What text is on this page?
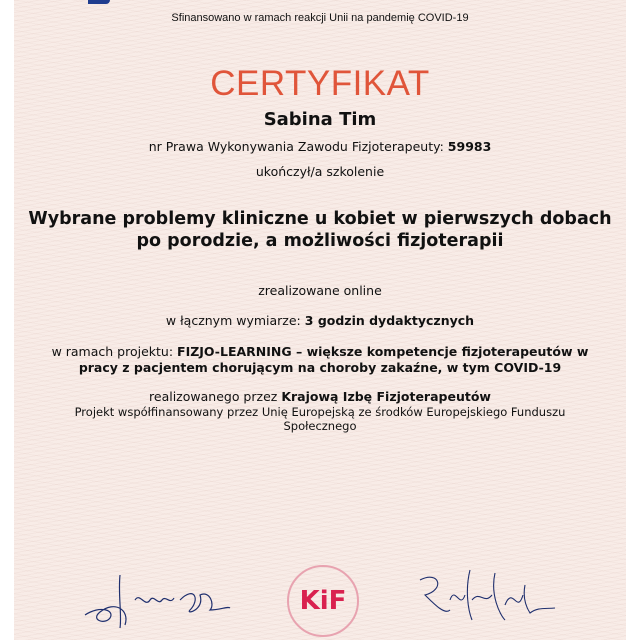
Sfinansowano w ramach reakcji Unii na pandemię COVID-19
CERTYFIKAT
Sabina Tim
nr Prawa Wykonywania Zawodu Fizjoterapeuty: 59983
ukończył/a szkolenie
Wybrane problemy kliniczne u kobiet w pierwszych dobach
po porodzie, a możliwości fizjoterapii
zrealizowane online
w łącznym wymiarze: 3 godzin dydaktycznych
w ramach projektu: FIZJO-LEARNING – większe kompetencje fizjoterapeutów w
pracy z pacjentem chorującym na choroby zakaźne, w tym COVID-19
realizowanego przez Krajową Izbę Fizjoterapeutów
Projekt współfinansowany przez Unię Europejską ze środków Europejskiego Funduszu
Społecznego
KiF
